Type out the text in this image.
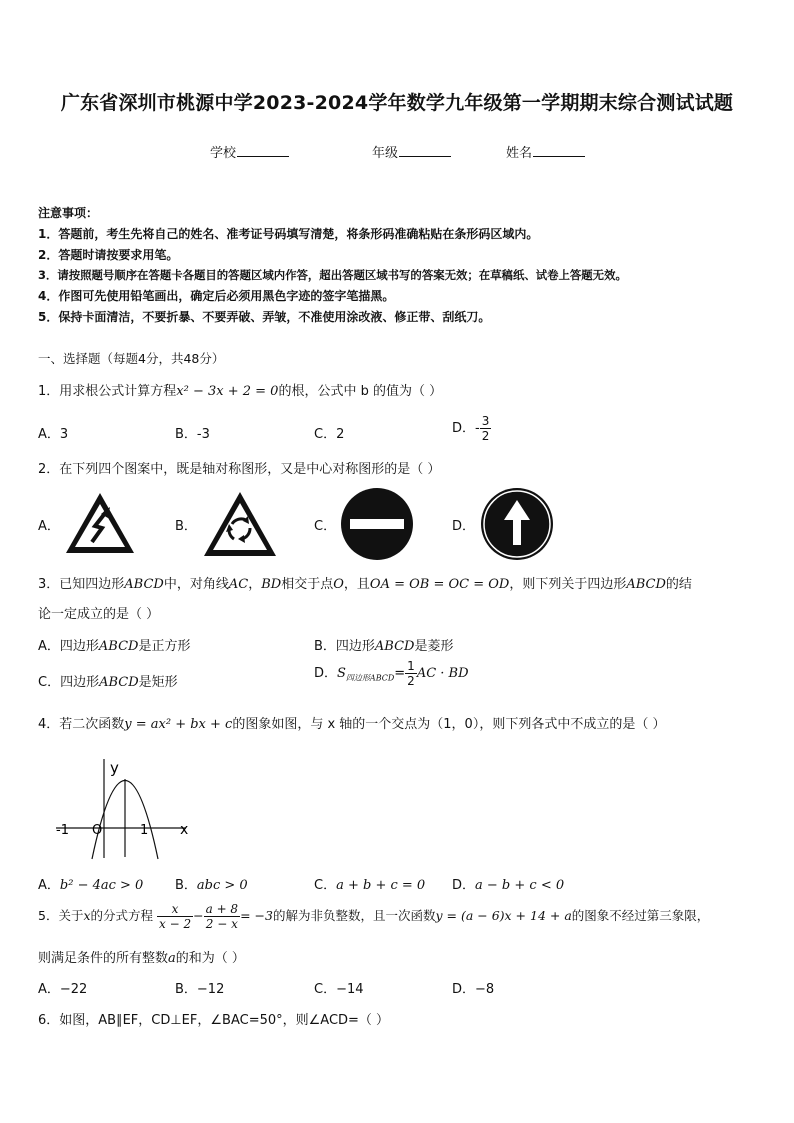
广东省深圳市桃源中学2023-2024学年数学九年级第一学期期末综合测试试题
学校	年级	姓名
注意事项：
1．答题前，考生先将自己的姓名、准考证号码填写清楚，将条形码准确粘贴在条形码区域内。
2．答题时请按要求用笔。
3．请按照题号顺序在答题卡各题目的答题区域内作答，超出答题区域书写的答案无效；在草稿纸、试卷上答题无效。
4．作图可先使用铅笔画出，确定后必须用黑色字迹的签字笔描黑。
5．保持卡面清洁，不要折暴、不要弄破、弄皱，不准使用涂改液、修正带、刮纸刀。
一、选择题（每题4分，共48分）
1．用求根公式计算方程x² − 3x + 2 = 0的根，公式中 b 的值为（ ）
A．3	B．-3	C．2	D．- $\frac{3}{2}$
2．在下列四个图案中，既是轴对称图形，又是中心对称图形的是（ ）
A．	B．	C．	D．
3．已知四边形ABCD中，对角线AC，BD相交于点O，且OA = OB = OC = OD，则下列关于四边形ABCD的结
论一定成立的是（ ）
A．四边形ABCD是正方形	B．四边形ABCD是菱形
C．四边形ABCD是矩形
D．$S_{四边形ABCD}= \frac{1}{2}$ AC · BD
4．若二次函数y = ax² + bx + c的图象如图，与 x 轴的一个交点为（1，0），则下列各式中不成立的是（ ）
y
x
-1 O	1
A．b² − 4ac > 0 B．abc > 0	C．a + b + c = 0 D．a − b + c < 0
5．关于x的分式方程 $\frac{x}{x - 2} - \frac{a + 8}{2 - x} = -3$的解为非负整数，且一次函数y = (a − 6)x + 14 + a的图象不经过第三象限，
则满足条件的所有整数a的和为（ ）
A．−22	B．−12	C．−14	D．−8
6．如图，AB∥EF，CD⊥EF，∠BAC=50°，则∠ACD=（ ）
